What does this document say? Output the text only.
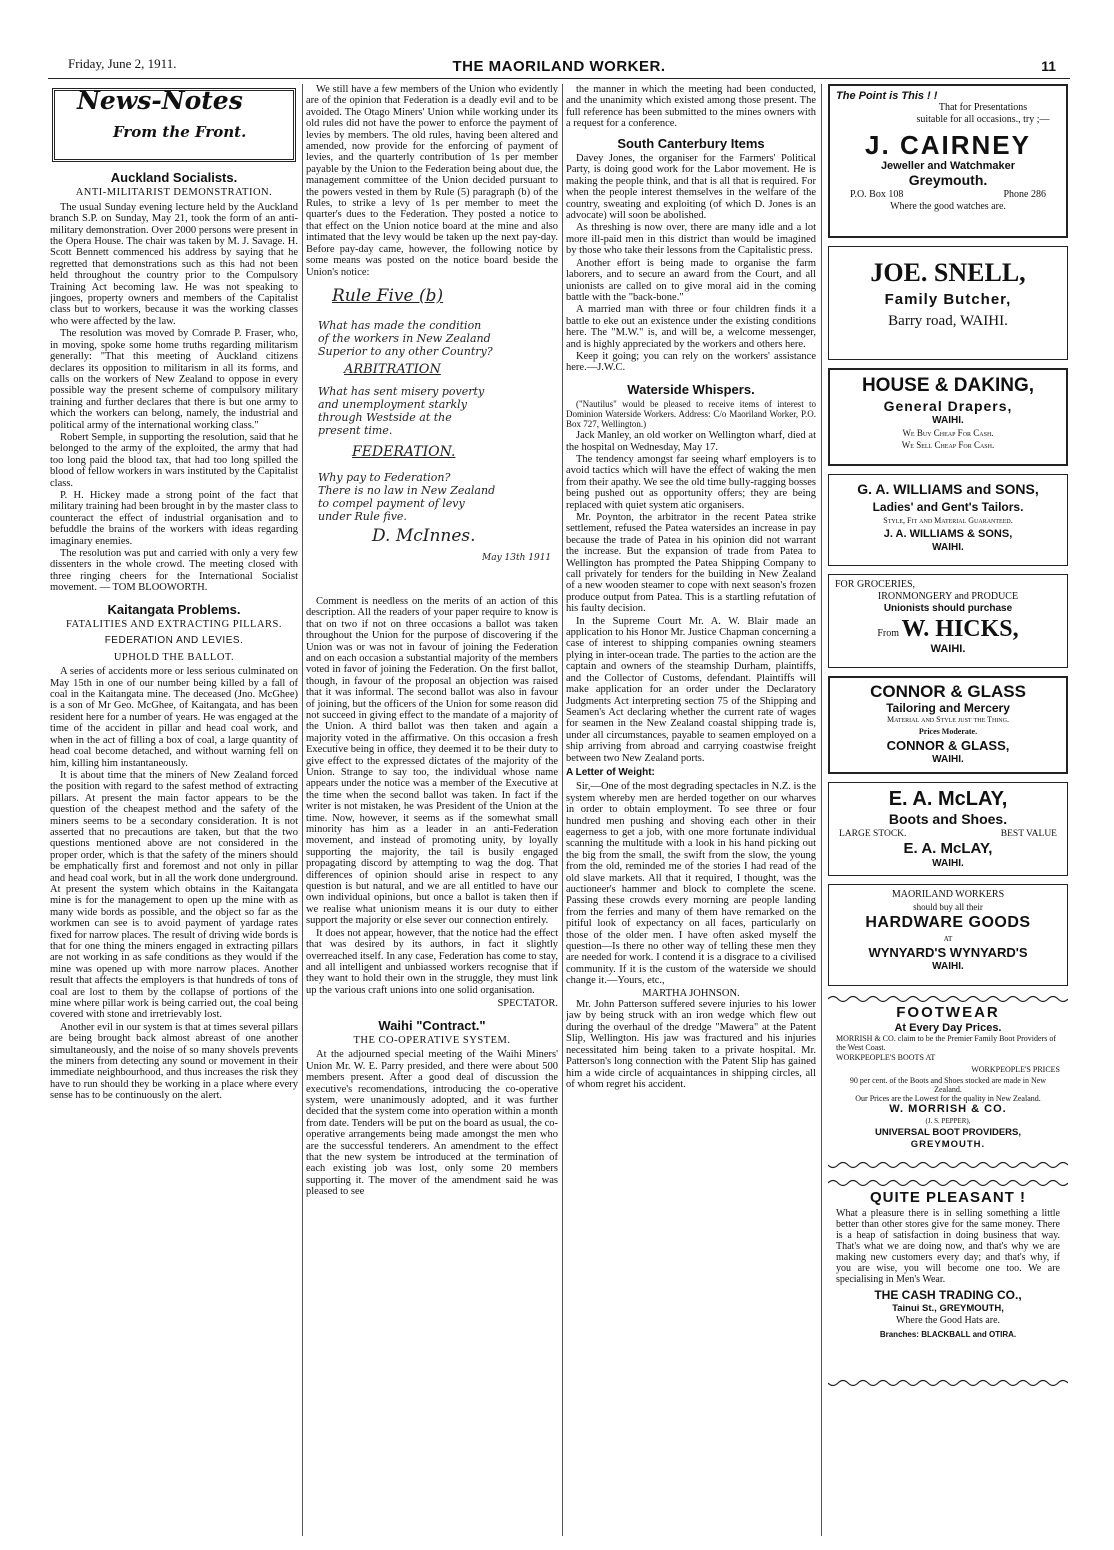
Friday, June 2, 1911.	THE MAORILAND WORKER.	11
News-Notes
From the Front.
Auckland Socialists.
ANTI-MILITARIST DEMONSTRATION.

The usual Sunday evening lecture held by the Auckland branch S.P. on Sunday, May 21, took the form of an anti-military demonstration. Over 2000 persons were present in the Opera House. The chair was taken by M. J. Savage. H. Scott Bennett commenced his address by saying that he regretted that demonstrations such as this had not been held throughout the country prior to the Compulsory Training Act becoming law. He was not speaking to jingoes, property owners and members of the Capitalist class but to workers, because it was the working classes who were affected by the law.

The resolution was moved by Comrade P. Fraser, who, in moving, spoke some home truths regarding militarism generally: "That this meeting of Auckland citizens declares its opposition to militarism in all its forms, and calls on the workers of New Zealand to oppose in every possible way the present scheme of compulsory military training and further declares that there is but one army to which the workers can belong, namely, the industrial and political army of the international working class."

Robert Semple, in supporting the resolution, said that he belonged to the army of the exploited, the army that had too long paid the blood tax, that had too long spilled the blood of fellow workers in wars instituted by the Capitalist class.

P. H. Hickey made a strong point of the fact that military training had been brought in by the master class to counteract the effect of industrial organisation and to befuddle the brains of the workers with ideas regarding imaginary enemies.

The resolution was put and carried with only a very few dissenters in the whole crowd. The meeting closed with three ringing cheers for the International Socialist movement. — TOM BLOOWORTH.

Kaitangata Problems.
FATALITIES AND EXTRACTING PILLARS.
FEDERATION AND LEVIES.
UPHOLD THE BALLOT.

A series of accidents more or less serious culminated on May 15th in one of our number being killed by a fall of coal in the Kaitangata mine. The deceased (Jno. McGhee) is a son of Mr Geo. McGhee, of Kaitangata, and has been resident here for a number of years. He was engaged at the time of the accident in pillar and head coal work, and when in the act of filling a box of coal, a large quantity of head coal become detached, and without warning fell on him, killing him instantaneously.

It is about time that the miners of New Zealand forced the position with regard to the safest method of extracting pillars. At present the main factor appears to be the question of the cheapest method and the safety of the miners seems to be a secondary consideration. It is not asserted that no precautions are taken, but that the two questions mentioned above are not considered in the proper order, which is that the safety of the miners should be emphatically first and foremost and not only in pillar and head coal work, but in all the work done underground. At present the system which obtains in the Kaitangata mine is for the management to open up the mine with as many wide bords as possible, and the object so far as the workmen can see is to avoid payment of yardage rates fixed for narrow places. The result of driving wide bords is that for one thing the miners engaged in extracting pillars are not working in as safe conditions as they would if the mine was opened up with more narrow places. Another result that affects the employers is that hundreds of tons of coal are lost to them by the collapse of portions of the mine where pillar work is being carried out, the coal being covered with stone and irretrievably lost.

Another evil in our system is that at times several pillars are being brought back almost abreast of one another simultaneously, and the noise of so many shovels prevents the miners from detecting any sound or movement in their immediate neighbourhood, and thus increases the risk they have to run should they be working in a place where every sense has to be continuously on the alert.

We still have a few members of the Union who evidently are of the opinion that Federation is a deadly evil and to be avoided. The Otago Miners' Union while working under its old rules did not have the power to enforce the payment of levies by members. The old rules, having been altered and amended, now provide for the enforcing of payment of levies, and the quarterly contribution of 1s per member payable by the Union to the Federation being about due, the management committee of the Union decided pursuant to the powers vested in them by Rule (5) paragraph (b) of the Rules, to strike a levy of 1s per member to meet the quarter's dues to the Federation. They posted a notice to that effect on the Union notice board at the mine and also intimated that the levy would be taken up the next pay-day. Before pay-day came, however, the following notice by some means was posted on the notice board beside the Union's notice:

Rule Five (b)
What has made the condition
of the workers in New Zealand
Superior to any other Country?
ARBITRATION
What has sent misery poverty
and unemployment starkly
through Westside at the
present time.
FEDERATION.
Why pay to Federation?
There is no law in New Zealand
to compel payment of levy
under Rule five.
D. McInnes.
May 13th 1911

Comment is needless on the merits of an action of this description. All the readers of your paper require to know is that on two if not on three occasions a ballot was taken throughout the Union for the purpose of discovering if the Union was or was not in favour of joining the Federation and on each occasion a substantial majority of the members voted in favor of joining the Federation. On the first ballot, though, in favour of the proposal an objection was raised that it was informal. The second ballot was also in favour of joining, but the officers of the Union for some reason did not succeed in giving effect to the mandate of a majority of the Union. A third ballot was then taken and again a majority voted in the affirmative. On this occasion a fresh Executive being in office, they deemed it to be their duty to give effect to the expressed dictates of the majority of the Union. Strange to say too, the individual whose name appears under the notice was a member of the Executive at the time when the second ballot was taken. In fact if the writer is not mistaken, he was President of the Union at the time. Now, however, it seems as if the somewhat small minority has him as a leader in an anti-Federation movement, and instead of promoting unity, by loyally supporting the majority, the tail is busily engaged propagating discord by attempting to wag the dog. That differences of opinion should arise in respect to any question is but natural, and we are all entitled to have our own individual opinions, but once a ballot is taken then if we realise what unionism means it is our duty to either support the majority or else sever our connection entirely.

It does not appear, however, that the notice had the effect that was desired by its authors, in fact it slightly overreached itself. In any case, Federation has come to stay, and all intelligent and unbiassed workers recognise that if they want to hold their own in the struggle, they must link up the various craft unions into one solid organisation.

SPECTATOR.
Waihi "Contract."
THE CO-OPERATIVE SYSTEM.

At the adjourned special meeting of the Waihi Miners' Union Mr. W. E. Parry presided, and there were about 500 members present. After a good deal of discussion the executive's recomendations, introducing the co-operative system, were unanimously adopted, and it was further decided that the system come into operation within a month from date. Tenders will be put on the board as usual, the co-operative arrangements being made amongst the men who are the successful tenderers. An amendment to the effect that the new system be introduced at the termination of each existing job was lost, only some 20 members supporting it. The mover of the amendment said he was pleased to see

the manner in which the meeting had been conducted, and the unanimity which existed among those present. The full reference has been submitted to the mines owners with a request for a conference.

South Canterbury Items

Davey Jones, the organiser for the Farmers' Political Party, is doing good work for the Labor movement. He is making the people think, and that is all that is required. For when the people interest themselves in the welfare of the country, sweating and exploiting (of which D. Jones is an advocate) will soon be abolished.

As threshing is now over, there are many idle and a lot more ill-paid men in this district than would be imagined by those who take their lessons from the Capitalistic press.

Another effort is being made to organise the farm laborers, and to secure an award from the Court, and all unionists are called on to give moral aid in the coming battle with the "back-bone."

A married man with three or four children finds it a battle to eke out an existence under the existing conditions here. The "M.W." is, and will be, a welcome messenger, and is highly appreciated by the workers and others here.

Keep it going; you can rely on the workers' assistance here.—J.W.C.

Waterside Whispers.

("Nautilus" would be pleased to receive items of interest to Dominion Waterside Workers. Address: C/o Maoriland Worker, P.O. Box 727, Wellington.)

Jack Manley, an old worker on Wellington wharf, died at the hospital on Wednesday, May 17.

The tendency amongst far seeing wharf employers is to avoid tactics which will have the effect of waking the men from their apathy. We see the old time bully-ragging bosses being pushed out as opportunity offers; they are being replaced with quiet system atic organisers.

Mr. Poynton, the arbitrator in the recent Patea strike settlement, refused the Patea watersides an increase in pay because the trade of Patea in his opinion did not warrant the increase. But the expansion of trade from Patea to Wellington has prompted the Patea Shipping Company to call privately for tenders for the building in New Zealand of a new wooden steamer to cope with next season's frozen produce output from Patea. This is a startling refutation of his faulty decision.

In the Supreme Court Mr. A. W. Blair made an application to his Honor Mr. Justice Chapman concerning a case of interest to shipping companies owning steamers plying in inter-ocean trade. The parties to the action are the captain and owners of the steamship Durham, plaintiffs, and the Collector of Customs, defendant. Plaintiffs will make application for an order under the Declaratory Judgments Act interpreting section 75 of the Shipping and Seamen's Act declaring whether the current rate of wages for seamen in the New Zealand coastal shipping trade is, under all circumstances, payable to seamen employed on a ship arriving from abroad and carrying coastwise freight between two New Zealand ports.

A Letter of Weight:

Sir,—One of the most degrading spectacles in N.Z. is the system whereby men are herded together on our wharves in order to obtain employment. To see three or four hundred men pushing and shoving each other in their eagerness to get a job, with one more fortunate individual scanning the multitude with a look in his hand picking out the big from the small, the swift from the slow, the young from the old, reminded me of the stories I had read of the old slave markets. All that it required, I thought, was the auctioneer's hammer and block to complete the scene. Passing these crowds every morning are people landing from the ferries and many of them have remarked on the pitiful look of expectancy on all faces, particularly on those of the older men. I have often asked myself the question—Is there no other way of telling these men they are needed for work. I contend it is a disgrace to a civilised community. If it is the custom of the waterside we should change it.—Yours, etc.,

MARTHA JOHNSON.

Mr. John Patterson suffered severe injuries to his lower jaw by being struck with an iron wedge which flew out during the overhaul of the dredge "Mawera" at the Patent Slip, Wellington. His jaw was fractured and his injuries necessitated him being taken to a private hospital. Mr. Patterson's long connection with the Patent Slip has gained him a wide circle of acquaintances in shipping circles, all of whom regret his accident.

The Point is This ! !
That for Presentations
suitable for all occasions., try ;—
J. CAIRNEY
Jeweller and Watchmaker
Greymouth.
P.O. Box 108	Phone 286
Where the good watches are.
JOE. SNELL,
Family Butcher,
Barry road, WAIHI.
HOUSE & DAKING,
General Drapers,
WAIHI.
We Buy Cheap For Cash.
We Sell Cheap For Cash.
G. A. WILLIAMS and SONS,
Ladies' and Gent's Tailors.
Style, Fit and Material Guaranteed.
J. A. WILLIAMS & SONS,
WAIHI.
FOR GROCERIES,
IRONMONGERY and PRODUCE
Unionists should purchase
From W. HICKS,
WAIHI.
CONNOR & GLASS
Tailoring and Mercery
Material and Style just the Thing.
Prices Moderate.
CONNOR & GLASS,
WAIHI.
E. A. McLAY,
Boots and Shoes.
LARGE STOCK.	BEST VALUE
E. A. McLAY,
WAIHI.
MAORILAND WORKERS
should buy all their
HARDWARE GOODS
AT
WYNYARD'S WYNYARD'S
WAIHI.
FOOTWEAR
At Every Day Prices.
MORRISH & CO. claim to be the Premier Family Boot Providers of the West Coast.
WORKPEOPLE'S BOOTS AT
WORKPEOPLE'S PRICES
90 per cent. of the Boots and Shoes stocked are made in New Zealand.
Our Prices are the Lowest for the quality in New Zealand.
W. MORRISH & CO.
(J. S. PEPPER),
UNIVERSAL BOOT PROVIDERS,
GREYMOUTH.
QUITE PLEASANT !
What a pleasure there is in selling something a little better than other stores give for the same money. There is a heap of satisfaction in doing business that way. That's what we are doing now, and that's why we are making new customers every day; and that's why, if you are wise, you will become one too. We are specialising in Men's Wear.
THE CASH TRADING CO.,
Tainui St., GREYMOUTH,
Where the Good Hats are.
Branches: BLACKBALL and OTIRA.
